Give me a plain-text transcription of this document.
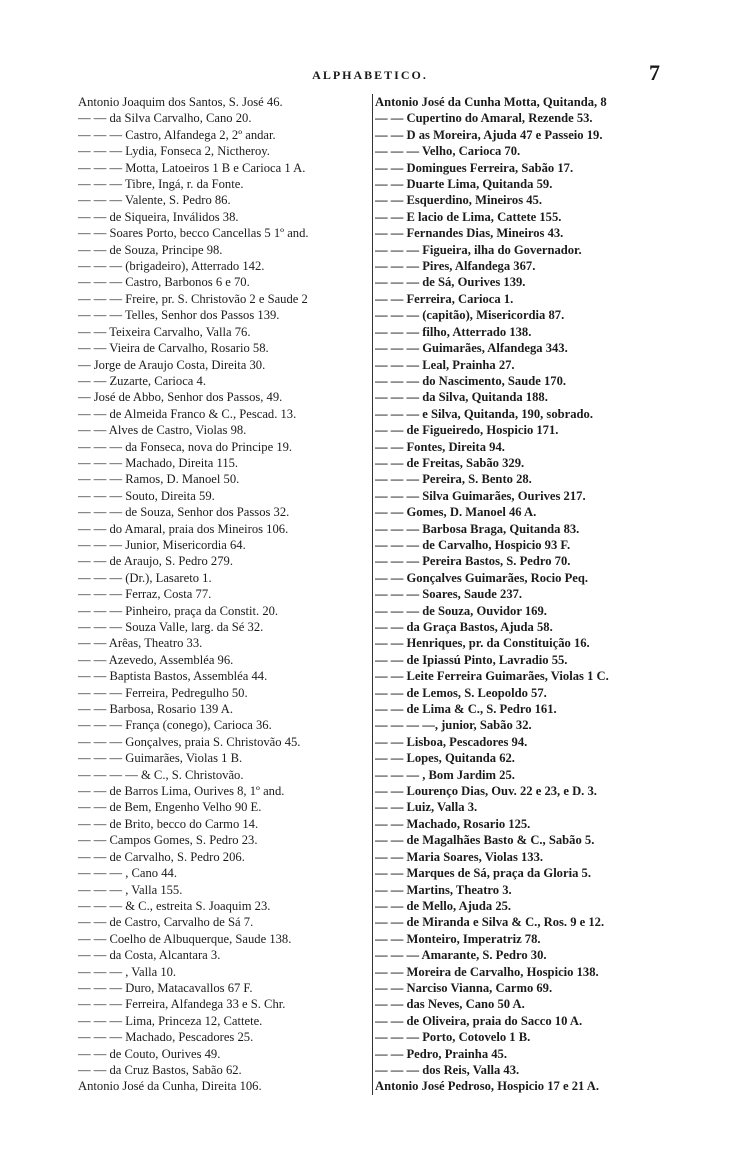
ALPHABETICO.	7
Antonio Joaquim dos Santos, S. José 46.
— — da Silva Carvalho, Cano 20.
— — — Castro, Alfandega 2, 2º andar.
— — — Lydia, Fonseca 2, Nictheroy.
— — — Motta, Latoeiros 1 B e Carioca 1 A.
— — — Tibre, Ingá, r. da Fonte.
— — — Valente, S. Pedro 86.
— — de Siqueira, Inválidos 38.
— — Soares Porto, becco Cancellas 5 1º and.
— — de Souza, Principe 98.
— — — (brigadeiro), Atterrado 142.
— — — Castro, Barbonos 6 e 70.
— — — Freire, pr. S. Christovão 2 e Saude 2
— — — Telles, Senhor dos Passos 139.
— — Teixeira Carvalho, Valla 76.
— — Vieira de Carvalho, Rosario 58.
— Jorge de Araujo Costa, Direita 30.
— — Zuzarte, Carioca 4.
— José de Abbo, Senhor dos Passos, 49.
— — de Almeida Franco & C., Pescad. 13.
— — Alves de Castro, Violas 98.
— — — da Fonseca, nova do Principe 19.
— — — Machado, Direita 115.
— — — Ramos, D. Manoel 50.
— — — Souto, Direita 59.
— — — de Souza, Senhor dos Passos 32.
— — do Amaral, praia dos Mineiros 106.
— — — Junior, Misericordia 64.
— — de Araujo, S. Pedro 279.
— — — (Dr.), Lasareto 1.
— — — Ferraz, Costa 77.
— — — Pinheiro, praça da Constit. 20.
— — — Souza Valle, larg. da Sé 32.
— — Arêas, Theatro 33.
— — Azevedo, Assembléa 96.
— — Baptista Bastos, Assembléa 44.
— — — Ferreira, Pedregulho 50.
— — Barbosa, Rosario 139 A.
— — — França (conego), Carioca 36.
— — — Gonçalves, praia S. Christovão 45.
— — — Guimarães, Violas 1 B.
— — — — & C., S. Christovão.
— — de Barros Lima, Ourives 8, 1º and.
— — de Bem, Engenho Velho 90 E.
— — de Brito, becco do Carmo 14.
— — Campos Gomes, S. Pedro 23.
— — de Carvalho, S. Pedro 206.
— — — , Cano 44.
— — — , Valla 155.
— — — & C., estreita S. Joaquim 23.
— — de Castro, Carvalho de Sá 7.
— — Coelho de Albuquerque, Saude 138.
— — da Costa, Alcantara 3.
— — — , Valla 10.
— — — Duro, Matacavallos 67 F.
— — — Ferreira, Alfandega 33 e S. Chr.
— — — Lima, Princeza 12, Cattete.
— — — Machado, Pescadores 25.
— — de Couto, Ourives 49.
— — da Cruz Bastos, Sabão 62.
Antonio José da Cunha, Direita 106.
Antonio José da Cunha Motta, Quitanda, 8
— — Cupertino do Amaral, Rezende 53.
— — D as Moreira, Ajuda 47 e Passeio 19.
— — — Velho, Carioca 70.
— — Domingues Ferreira, Sabão 17.
— — Duarte Lima, Quitanda 59.
— — Esquerdino, Mineiros 45.
— — E lacio de Lima, Cattete 155.
— — Fernandes Dias, Mineiros 43.
— — — Figueira, ilha do Governador.
— — — Pires, Alfandega 367.
— — — de Sá, Ourives 139.
— — Ferreira, Carioca 1.
— — — (capitão), Misericordia 87.
— — — filho, Atterrado 138.
— — — Guimarães, Alfandega 343.
— — — Leal, Prainha 27.
— — — do Nascimento, Saude 170.
— — — da Silva, Quitanda 188.
— — — e Silva, Quitanda, 190, sobrado.
— — de Figueiredo, Hospicio 171.
— — Fontes, Direita 94.
— — de Freitas, Sabão 329.
— — — Pereira, S. Bento 28.
— — — Silva Guimarães, Ourives 217.
— — Gomes, D. Manoel 46 A.
— — — Barbosa Braga, Quitanda 83.
— — — de Carvalho, Hospicio 93 F.
— — — Pereira Bastos, S. Pedro 70.
— — Gonçalves Guimarães, Rocio Peq.
— — — Soares, Saude 237.
— — — de Souza, Ouvidor 169.
— — da Graça Bastos, Ajuda 58.
— — Henriques, pr. da Constituição 16.
— — de Ipiassú Pinto, Lavradio 55.
— — Leite Ferreira Guimarães, Violas 1 C.
— — de Lemos, S. Leopoldo 57.
— — de Lima & C., S. Pedro 161.
— — — —, junior, Sabão 32.
— — Lisboa, Pescadores 94.
— — Lopes, Quitanda 62.
— — — , Bom Jardim 25.
— — Lourenço Dias, Ouv. 22 e 23, e D. 3.
— — Luiz, Valla 3.
— — Machado, Rosario 125.
— — de Magalhães Basto & C., Sabão 5.
— — Maria Soares, Violas 133.
— — Marques de Sá, praça da Gloria 5.
— — Martins, Theatro 3.
— — de Mello, Ajuda 25.
— — de Miranda e Silva & C., Ros. 9 e 12.
— — Monteiro, Imperatriz 78.
— — — Amarante, S. Pedro 30.
— — Moreira de Carvalho, Hospicio 138.
— — Narciso Vianna, Carmo 69.
— — das Neves, Cano 50 A.
— — de Oliveira, praia do Sacco 10 A.
— — — Porto, Cotovelo 1 B.
— — Pedro, Prainha 45.
— — — dos Reis, Valla 43.
Antonio José Pedroso, Hospicio 17 e 21 A.
